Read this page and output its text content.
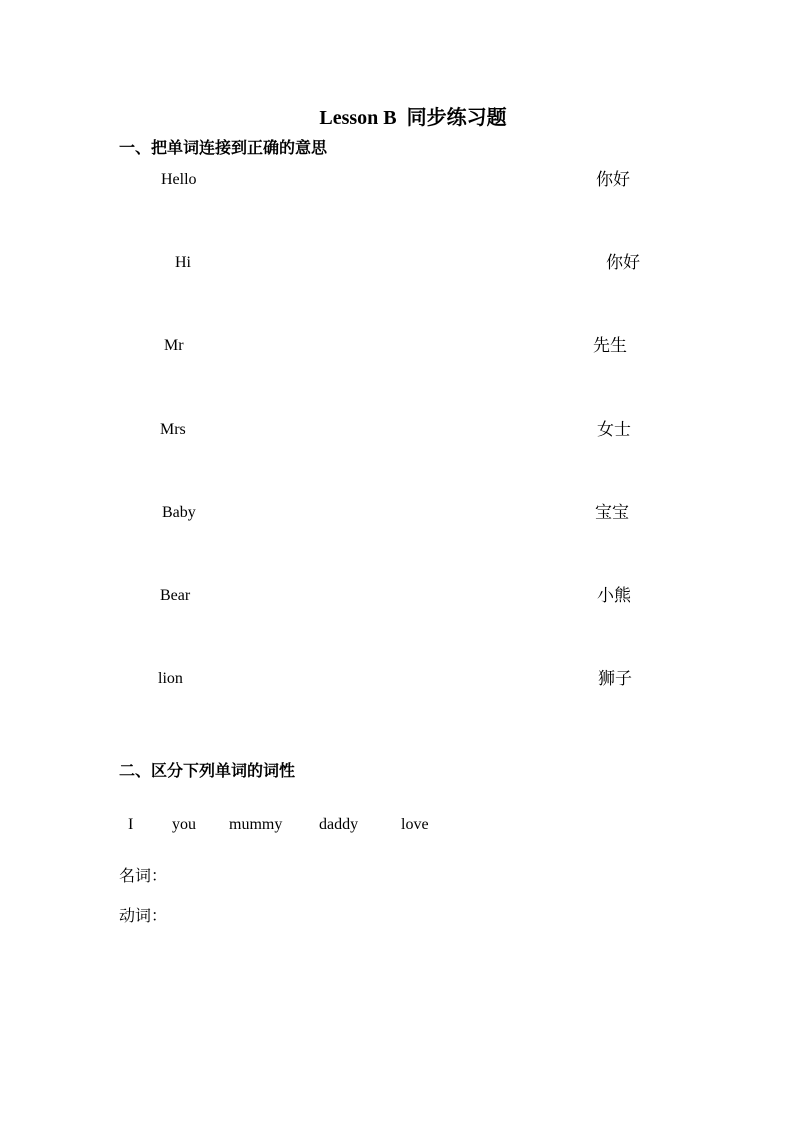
Lesson B 同步练习题
一、把单词连接到正确的意思
Hello
Hi
Mr
Mrs
Baby
Bear
lion
你好
你好
先生
女士
宝宝
小熊
狮子
二、区分下列单词的词性
I you mummy daddy	love
名词：
动词：
